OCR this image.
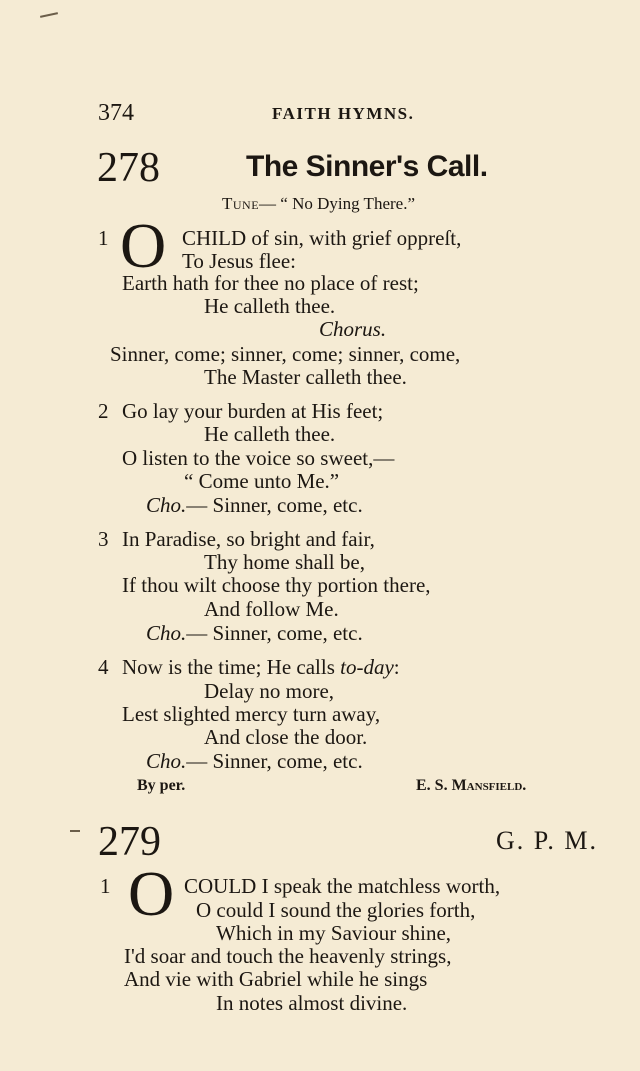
374	FAITH HYMNS.
278	The Sinner's Call.
Tune— “ No Dying There.”
1 O CHILD of sin, with grief oppreſt,
To Jesus flee:
Earth hath for thee no place of rest;
He calleth thee.
Chorus.
Sinner, come; sinner, come; sinner, come,
The Master calleth thee.
2 Go lay your burden at His feet;
He calleth thee.
O listen to the voice so sweet,—
“ Come unto Me.”
Cho.— Sinner, come, etc.
3 In Paradise, so bright and fair,
Thy home shall be,
If thou wilt choose thy portion there,
And follow Me.
Cho.— Sinner, come, etc.
4 Now is the time; He calls to-day:
Delay no more,
Lest slighted mercy turn away,
And close the door.
Cho.— Sinner, come, etc.
By per.	E. S. Mansfield.
279	G. P. M.
1 O COULD I speak the matchless worth,
O could I sound the glories forth,
Which in my Saviour shine,
I'd soar and touch the heavenly strings,
And vie with Gabriel while he sings
In notes almost divine.
